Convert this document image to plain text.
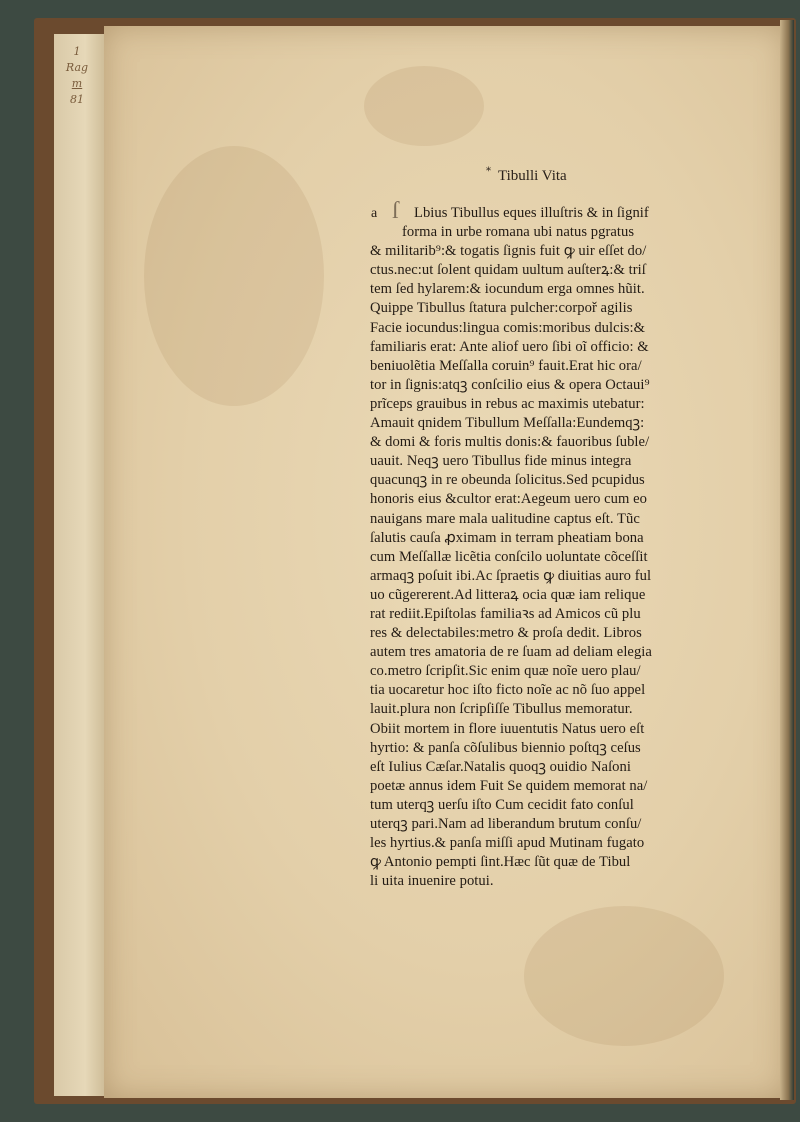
1
Rag
m
81
* Tibulli Vita
a ſ	Lbius Tibullus eques illuſtris & in ſignif
forma in urbe romana ubi natus pgratus
& militarib⁹:& togatis ſignis fuit ꝙ uir eſſet do/
ctus.nec:ut ſolent quidam uultum auſterꝝ:& triſ
tem ſed hylarem:& iocundum erga omnes hũit.
Quippe Tibullus ſtatura pulcher:corpoř agilis
Facie iocundus:lingua comis:moribus dulcis:&
familiaris erat: Ante aliof uero ſibi oĩ officio: &
beniuolẽtia Meſſalla coruin⁹ fauit.Erat hic ora/
tor in ſignis:atqꝫ conſcilio eius & opera Octaui⁹
prĩceps grauibus in rebus ac maximis utebatur:
Amauit qnidem Tibullum Meſſalla:Eundemqꝫ:
& domi & foris multis donis:& fauoribus ſuble/
uauit. Neqꝫ uero Tibullus fide minus integra
quacunqꝫ in re obeunda ſolicitus.Sed pcupidus
honoris eius &cultor erat:Aegeum uero cum eo
nauigans mare mala ualitudine captus eſt. Tũc
ſalutis cauſa ꝓximam in terram pheatiam bona
cum Meſſallæ licẽtia conſcilo uoluntate cõceſſit
armaqꝫ poſuit ibi.Ac ſpraetis ꝙ diuitias auro ful
uo cũgererent.Ad litteraꝝ ocia quæ iam relique
rat rediit.Epiſtolas familiaꝛs ad Amicos cũ plu
res & delectabiles:metro & proſa dedit. Libros
autem tres amatoria de re ſuam ad deliam elegia
co.metro ſcripſit.Sic enim quæ noĩe uero plau/
tia uocaretur hoc iſto ficto noĩe ac nõ ſuo appel
lauit.plura non ſcripſiſſe Tibullus memoratur.
Obiit mortem in flore iuuentutis Natus uero eſt
hyrtio: & panſa cõſulibus biennio poſtqꝫ ceſus
eſt Iulius Cæſar.Natalis quoqꝫ ouidio Naſoni
poetæ annus idem Fuit Se quidem memorat na/
tum uterqꝫ uerſu iſto Cum cecidit fato conſul
uterqꝫ pari.Nam ad liberandum brutum conſu/
les hyrtius.& panſa miſſi apud Mutinam fugato
ꝙ Antonio pempti ſint.Hæc ſũt quæ de Tibul
li uita inuenire potui.
